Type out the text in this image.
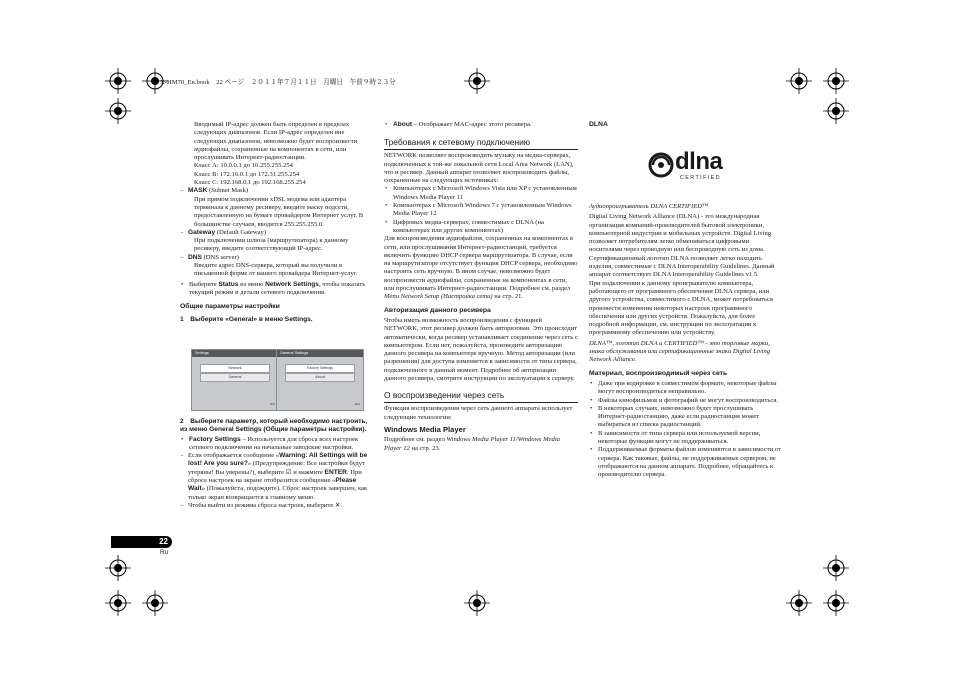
X-HM70_En.book　22 ページ　２０１１年７月１１日　月曜日　午前９時２３分

Вводимый IP-адрес должен быть определен в пределах следующих диапазонов. Если IP-адрес определен вне следующих диапазонов, невозможно будет воспроизвести аудиофайлы, сохраненные на компонентах в сети, или прослушивать Интернет-радиостанции.

Класс A: 10.0.0.1 до 10.255.255.254

Класс B: 172.16.0.1 до 172.31.255.254

Класс C: 192.168.0.1 до 192.168.255.254

- MASK (Subnet Mask)

При прямом подключении xDSL модема или адаптера терминала к данному ресиверу, введите маску подсети, предоставленную на бумаге провайдером Интернет услуг. В большинстве случаев, вводится 255.255.255.0.

- Gateway (Default Gateway)

При подключении шлюза (маршрутизатора) к данному ресиверу, введите соответствующий IP-адрес.

- DNS (DNS server)

Введите адрес DNS-сервера, который вы получили в письменной форме от вашего провайдера Интернет-услуг.

• Выберите Status из меню Network Settings, чтобы показать текущий режим и детали сетевого подключения.

Общие параметры настройки

1　Выберите «General» в меню Settings.

Settings
Network
General
Exit
General Settings
Factory Settings
About
Exit

2　Выберите параметр, который необходимо настроить, из меню General Settings (Общие параметры настройки).

• Factory Settings – Используется для сброса всех настроек сетевого подключения на начальные заводские настройки.

- Если отображается сообщение «Warning: All Settings will be lost! Are you sure?» (Предупреждение: Все настройки будут утеряны! Вы уверены?), выберите ☑ и нажмите ENTER. При сбросе настроек на экране отобразится сообщение «Please Wait» (Пожалуйста, подождите). Сброс настроек завершен, как только экран возвращается к главному меню.

- Чтобы выйти из режима сброса настроек, выберите ✕.

• About – Отображает MAC-адрес этого ресивера.

Требования к сетевому подключению

NETWORK позволяет воспроизводить музыку на медиа-серверах, подключенных к той-же локальной сети Local Area Network (LAN), что и ресивер. Данный аппарат позволяет воспроизводить файлы, сохраненные на следующих источниках:

• Компьютерах с Microsoft Windows Vista или XP с установленным Windows Media Player 11

• Компьютерах с Microsoft Windows 7 с установленным Windows Media Player 12

• Цифровых медиа-серверах, совместимых с DLNA (на компьютерах или других компонентах)

Для воспроизведения аудиофайлов, сохраненных на компонентах в сети, или прослушивания Интернет-радиостанций, требуется включить функцию DHCP сервера маршрутизатора. В случае, если на маршрутизаторе отсутствует функция DHCP сервера, необходимо настроить сеть вручную. В ином случае, невозможно будет воспроизвести аудиофайлы, сохраненные на компонентах в сети, или прослушивать Интернет-радиостанции. Подробнее см. раздел Menu Network Setup (Настройка сети) на стр. 21.

Авторизация данного ресивера

Чтобы иметь возможность воспроизведения с функцией NETWORK, этот ресивер должен быть авторизован. Это происходит автоматически, когда ресивер устанавливает соединение через сеть с компьютером. Если нет, пожалуйста, произведите авторизацию данного ресивера на компьютере вручную. Метод авторизации (или разрешения) для доступа изменяется в зависимости от типа сервера, подключенного в данный момент. Подробнее об авторизации данного ресивера, смотрите инструкции по эксплуатации к серверу.

О воспроизведении через сеть

Функция воспроизведения через сеть данного аппарата использует следующие технологии:

Windows Media Player

Подробнее см. раздел Windows Media Player 11/Windows Media Player 12 на стр. 23.

DLNA
dlna
CERTIFIED

Аудиопроигрыватель DLNA CERTIFIED™

Digital Living Network Alliance (DLNA) - это международная организация компаний-производителей бытовой электроники, компьютерной индустрии и мобильных устройств. Digital Living позволяет потребителям легко обмениваться цифровыми носителями через проводную или беспроводную сеть из дома.

Сертификационный логотип DLNA позволяет легко находить изделия, совместимые с DLNA Interoperability Guidelines. Данный аппарат соответствует DLNA Interoperability Guidelines v1.5.

При подключении к данному проигрывателю компьютера, работающего от программного обеспечения DLNA сервера, или другого устройства, совместимого с DLNA, может потребоваться произвести изменения некоторых настроек программного обеспечения или других устройств. Пожалуйста, для более подробной информации, см. инструкции по эксплуатации к программному обеспечению или устройству.

DLNA™, логотип DLNA и CERTIFIED™ - это торговые марки, знаки обслуживания или сертификационные знаки Digital Living Network Alliance.

Материал, воспроизводимый через сеть

• Даже при кодировке в совместимом формате, некоторые файлы могут воспроизводиться неправильно.

• Файлы кинофильмов и фотографий не могут воспроизводиться.

• В некоторых случаях, невозможно будет прослушивать Интернет-радиостанцию, даже если радиостанция может выбираться из списка радиостанций.

• В зависимости от типа сервера или используемой версии, некоторые функции могут не поддерживаться.

• Поддерживаемые форматы файлов изменяются в зависимости от сервера. Как таковые, файлы, не поддерживаемые сервером, не отображаются на данном аппарате. Подробнее, обращайтесь к производителю сервера.

22
Ru
